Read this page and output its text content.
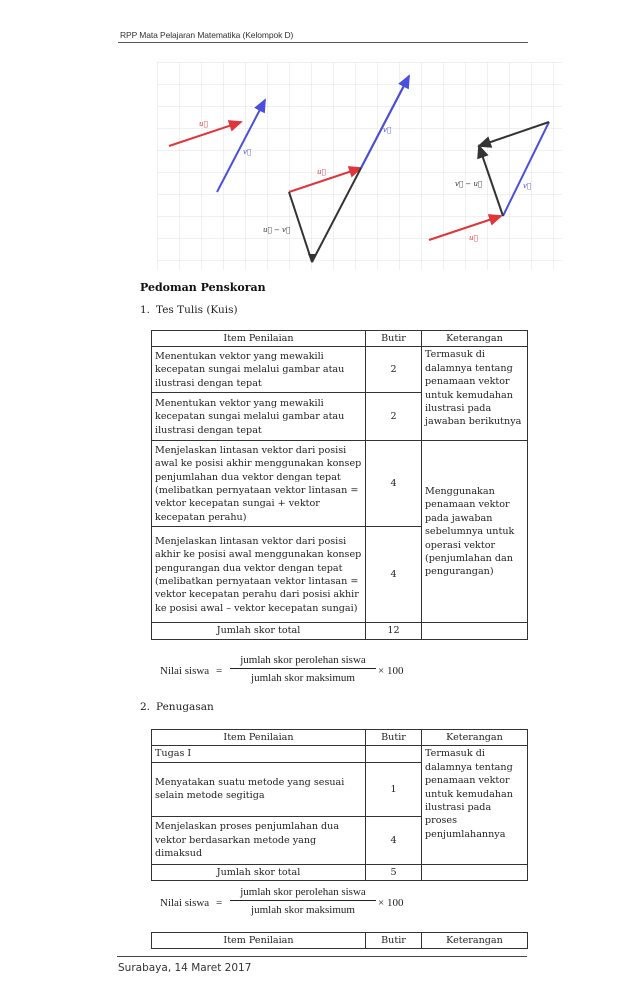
RPP Mata Pelajaran Matematika (Kelompok D)
u⃗
v⃗
u⃗
v⃗
u⃗ − v⃗
u⃗
v⃗
v⃗ − u⃗
Pedoman Penskoran
1. Tes Tulis (Kuis)
Item Penilaian	Butir	Keterangan
Menentukan vektor yang mewakili kecepatan sungai melalui gambar atau ilustrasi dengan tepat	2	Termasuk di dalamnya tentang penamaan vektor untuk kemudahan ilustrasi pada jawaban berikutnya
Menentukan vektor yang mewakili kecepatan sungai melalui gambar atau ilustrasi dengan tepat	2	
Menjelaskan lintasan vektor dari posisi awal ke posisi akhir menggunakan konsep penjumlahan dua vektor dengan tepat (melibatkan pernyataan vektor lintasan = vektor kecepatan sungai + vektor kecepatan perahu)	4	Menggunakan penamaan vektor pada jawaban sebelumnya untuk operasi vektor (penjumlahan dan pengurangan)
Menjelaskan lintasan vektor dari posisi akhir ke posisi awal menggunakan konsep pengurangan dua vektor dengan tepat (melibatkan pernyataan vektor lintasan = vektor kecepatan perahu dari posisi akhir ke posisi awal – vektor kecepatan sungai)	4	
Jumlah skor total	12	
Nilai siswa =
jumlah skor perolehan siswa
jumlah skor maksimum
× 100
2. Penugasan
Item Penilaian	Butir	Keterangan
Tugas I		Termasuk di dalamnya tentang penamaan vektor untuk kemudahan ilustrasi pada proses penjumlahannya
Menyatakan suatu metode yang sesuai selain metode segitiga	1	
Menjelaskan proses penjumlahan dua vektor berdasarkan metode yang dimaksud	4	
Jumlah skor total	5	
Nilai siswa =
jumlah skor perolehan siswa
jumlah skor maksimum
× 100
Item Penilaian	Butir	Keterangan
Surabaya, 14 Maret 2017
